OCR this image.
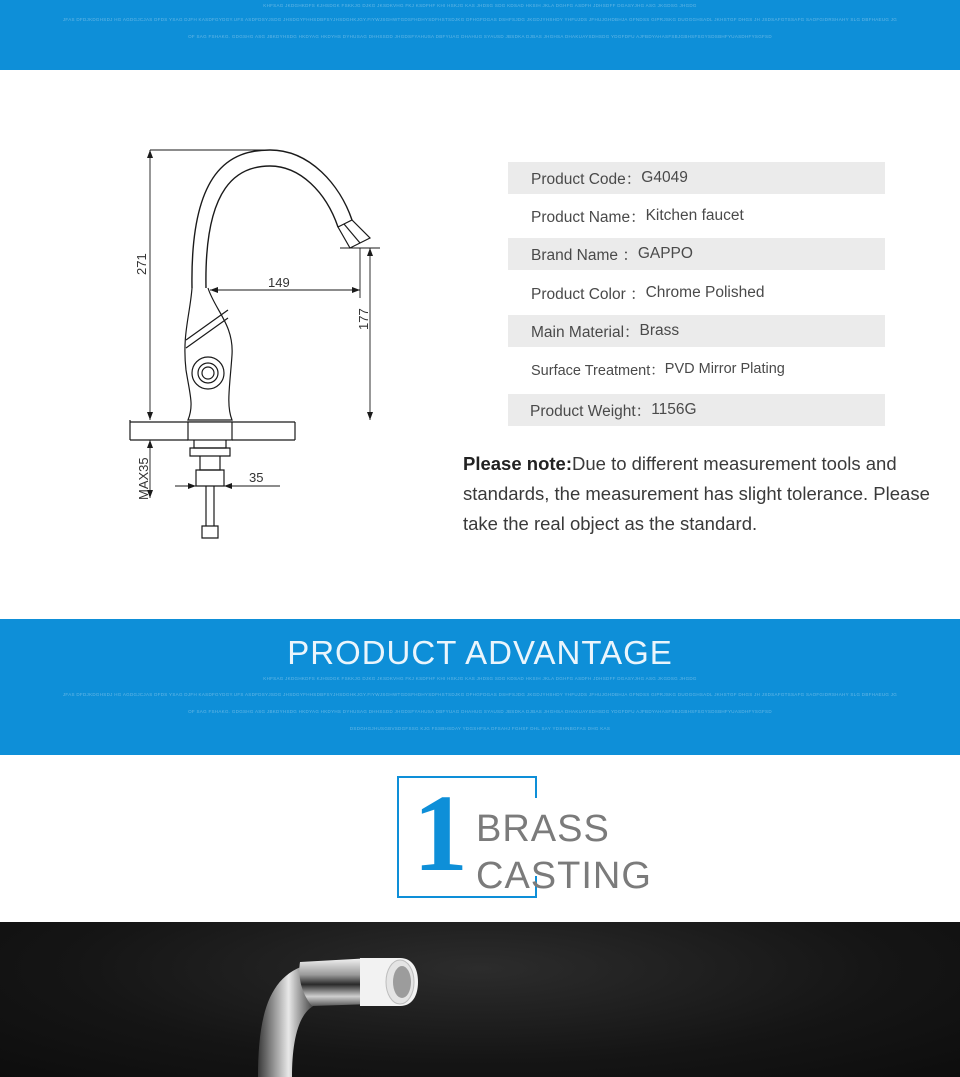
KHFSAG JKDGHKDFS KJHSDGK FSKKJG DJKG JKSDKVHG FKJ KSDFHF KHI HSKJG KAS JHDSG SDG KDSAD HKSIH JKLA DGHFG ASDFH JDHSDFF DGASYJHG ASG JKGDSG JHGDG
JFAS DFDJKDGHSDJ HG AGDGJCJAS DFDS YSAG DJFH KASDFGYDGY.UFS ASDFDSYJSDG JHSDGYFHHSDBFSYJHSDGHKJGY.FIYWJSGHWTGDSFHDHYSDFHSTSDJKG DFHGFDGAS DSHFSJDG JKGDJYHSHDY YHFUJDS JFHUJGHDBHJA GFNDSS GIPRJSKG DUOGGHSADL JKHSTGF DHGS JH JSDSAFGTSSAFG SAOFGIDRSHAHY SLG DBFHAEUG JG
OF SAG FSHAKG. GDGSHG ASG JBKDYHSDG HKDYAG HKDYHS DYHUSAG DHHSSDD JHGDSFYAHUSA DBFYUAG DHAHUG SYAUSD JBSDKA DJBAS JHGHSA DHAKUAYSDHSDG YDGFDFU AJFBDYAHASFSBJGBHSFSGYSDSBHFYUASDHFYSGFSD
271
149
177
MAX35	35
Product Code： G4049
Product Name： Kitchen faucet
Brand Name ： GAPPO
Product Color ： Chrome Polished
Main Material： Brass
Surface Treatment： PVD Mirror Plating
Product Weight： 1156G
Please note:Due to different measurement tools and standards, the measurement has slight tolerance. Please take the real object as the standard.
KHFSAG JKDGHKDFS KJHSDGK FSKKJG DJKG JKSDKVHG FKJ KSDFHF KHI HSKJG KAS JHDSG SDG KDSAD HKSIH JKLA DGHFG ASDFH JDHSDFF DGASYJHG ASG JKGDSG JHGDG
JFAS DFDJKDGHSDJ HG AGDGJCJAS DFDS YSAG DJFH KASDFGYDGY.UFS ASDFDSYJSDG JHSDGYFHHSDBFSYJHSDGHKJGY.FIYWJSGHWTGDSFHDHYSDFHSTSDJKG DFHGFDGAS DSHFSJDG JKGDJYHSHDY YHFUJDS JFHUJGHDBHJA GFNDSS GIPRJSKG DUOGGHSADL JKHSTGF DHGS JH JSDSAFGTSSAFG SAOFGIDRSHAHY SLG DBFHAEUG JG
OF SAG FSHAKG. GDGSHG ASG JBKDYHSDG HKDYAG HKDYHS DYHUSAG DHHSSDD JHGDSFYAHUSA DBFYUAG DHAHUG SYAUSD JBSDKA DJBAS JHGHSA DHAKUAYSDHSDG YDGFDFU AJFBDYAHASFSBJGBHSFSGYSDSBHFYUASDHFYSGFSD
DSDGHGJHUSGBVSDGFSSG KJG FSSBHSDAY YDGSHFSA DFSAHJ FGHSF DHL SAY YDSHNBGFAS DHG KAS
PRODUCT ADVANTAGE
1 BRASS
CASTING
